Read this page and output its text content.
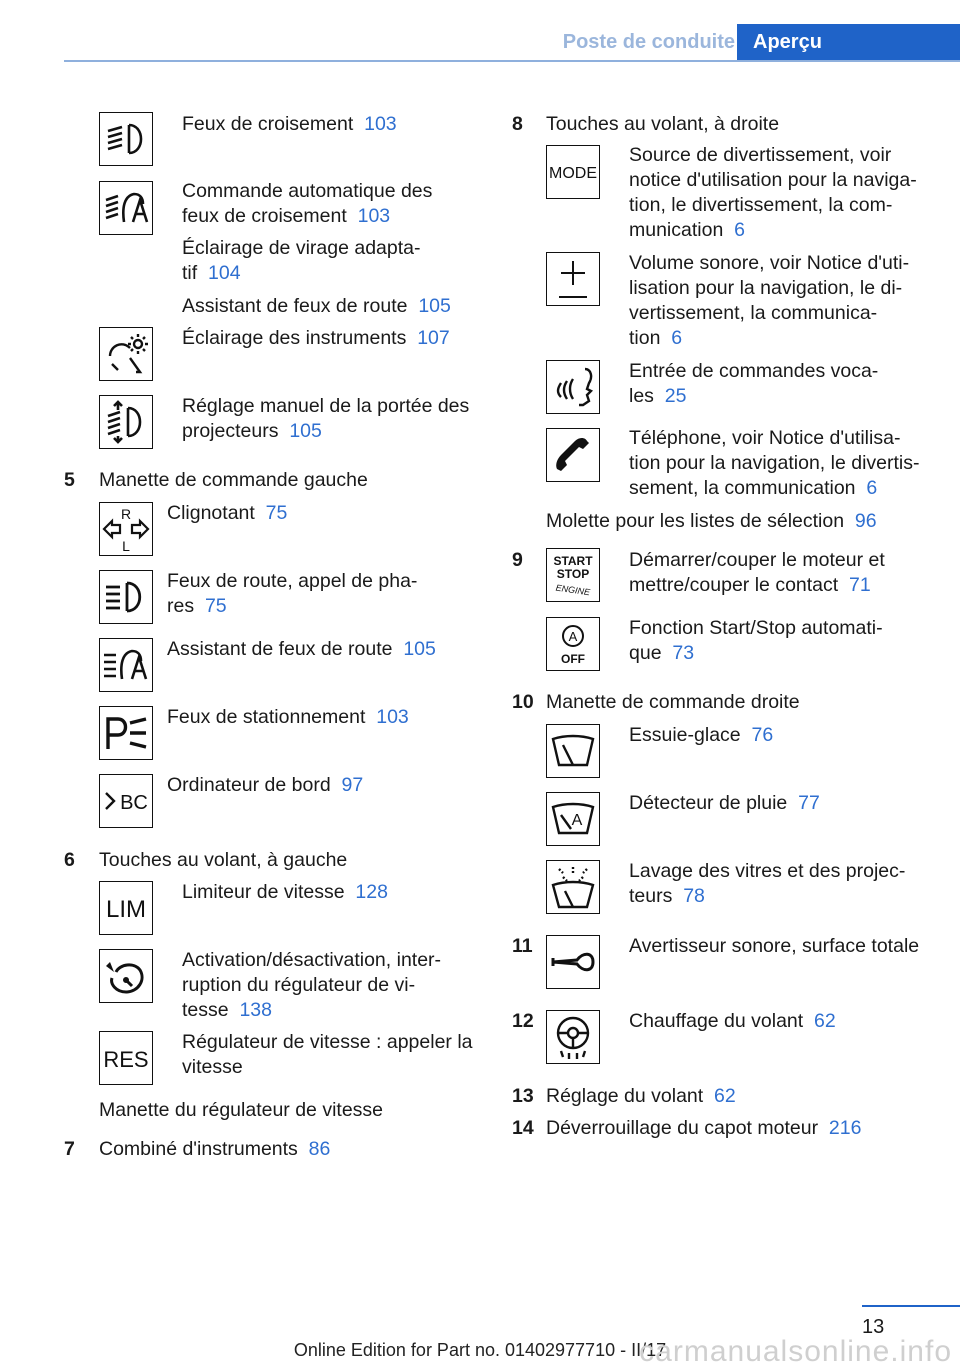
Poste de conduite Aperçu
Feux de croisement 103
Commande automatique des
feux de croisement 103
Éclairage de virage adapta-
tif 104
Assistant de feux de route 105
Éclairage des instruments 107
Réglage manuel de la portée des
projecteurs 105
5 Manette de commande gauche
R
L
Clignotant 75
Feux de route, appel de pha-
res 75
Assistant de feux de route 105
Feux de stationnement 103
BC
Ordinateur de bord 97
6 Touches au volant, à gauche
LIM
Limiteur de vitesse 128
Activation/désactivation, inter-
ruption du régulateur de vi-
tesse 138
RES
Régulateur de vitesse : appeler la
vitesse
Manette du régulateur de vitesse
7 Combiné d'instruments 86
8 Touches au volant, à droite
MODE
Source de divertissement, voir
notice d'utilisation pour la naviga-
tion, le divertissement, la com-
munication 6
Volume sonore, voir Notice d'uti-
lisation pour la navigation, le di-
vertissement, la communica-
tion 6
Entrée de commandes voca-
les 25
Téléphone, voir Notice d'utilisa-
tion pour la navigation, le divertis-
sement, la communication 6
Molette pour les listes de sélection 96
9	START
STOP
ENGINE
Démarrer/couper le moteur et
mettre/couper le contact 71
A
OFF
Fonction Start/Stop automati-
que 73
10 Manette de commande droite
Essuie-glace 76
A
Détecteur de pluie 77
Lavage des vitres et des projec-
teurs 78
11	Avertisseur sonore, surface totale
12	Chauffage du volant 62
13 Réglage du volant 62
14 Déverrouillage du capot moteur 216
13
Online Edition for Part no. 01402977710 - II/17
carmanualsonline.info
